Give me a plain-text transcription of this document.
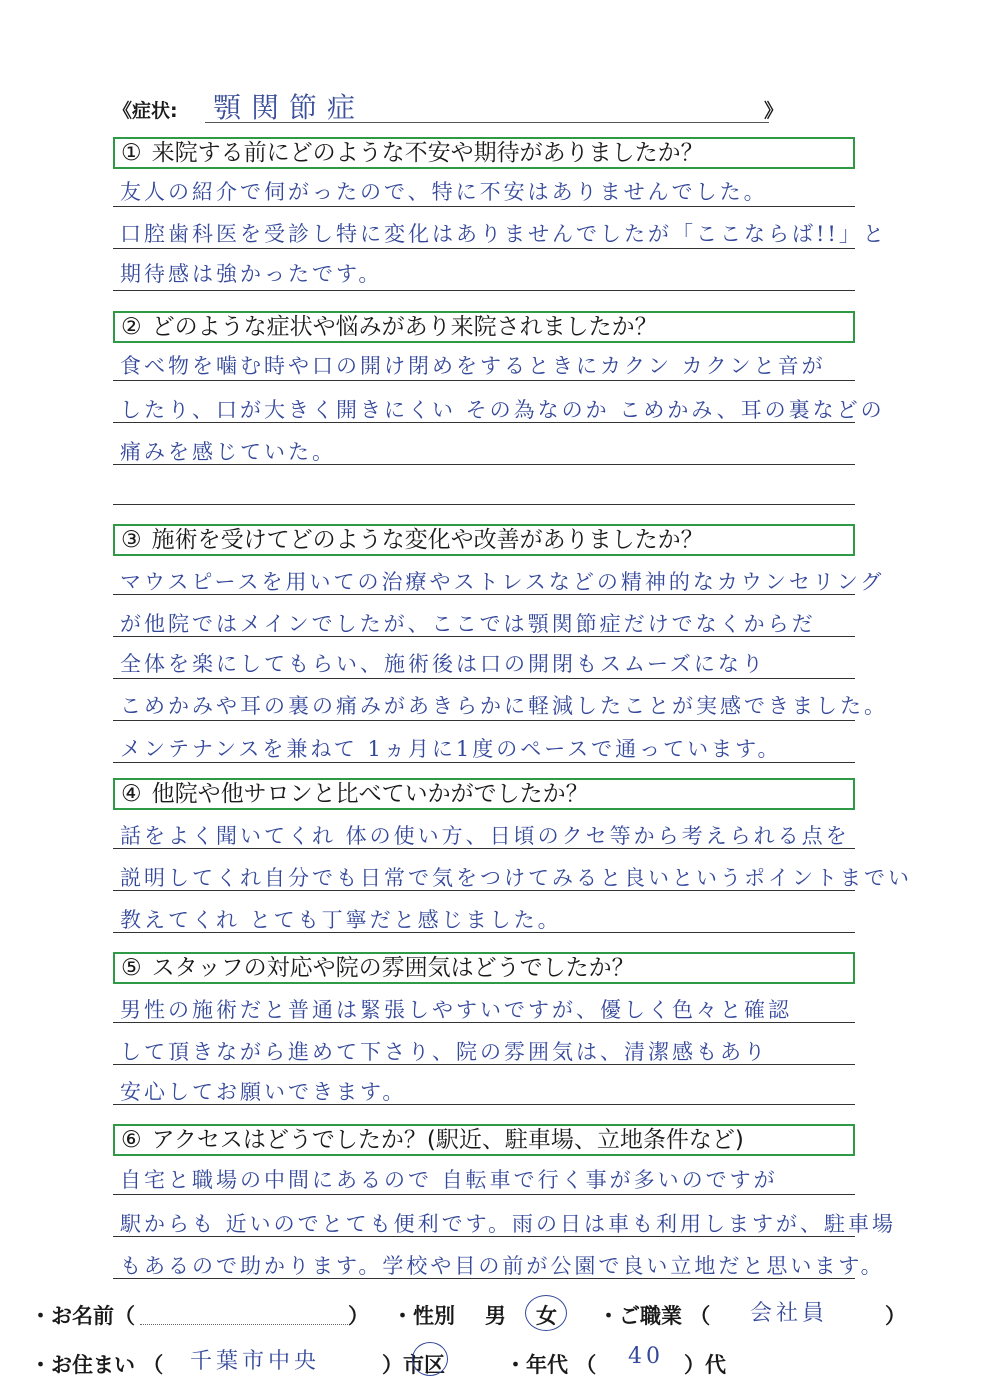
《症状: 顎関節症	》
① 来院する前にどのような不安や期待がありましたか？
友人の紹介で伺がったので、特に不安はありませんでした。
口腔歯科医を受診し特に変化はありませんでしたが「ここならば!!」と
期待感は強かったです。
② どのような症状や悩みがあり来院されましたか？
食べ物を噛む時や口の開け閉めをするときにカクン カクンと音が
したり、口が大きく開きにくい その為なのか こめかみ、耳の裏などの
痛みを感じていた。
③ 施術を受けてどのような変化や改善がありましたか？
マウスピースを用いての治療やストレスなどの精神的なカウンセリング
が他院ではメインでしたが、ここでは顎関節症だけでなくからだ
全体を楽にしてもらい、施術後は口の開閉もスムーズになり
こめかみや耳の裏の痛みがあきらかに軽減したことが実感できました。
メンテナンスを兼ねて 1ヵ月に1度のペースで通っています。
④ 他院や他サロンと比べていかがでしたか？
話をよく聞いてくれ 体の使い方、日頃のクセ等から考えられる点を
説明してくれ自分でも日常で気をつけてみると良いというポイントまでい
教えてくれ とても丁寧だと感じました。
⑤ スタッフの対応や院の雰囲気はどうでしたか？
男性の施術だと普通は緊張しやすいですが、優しく色々と確認
して頂きながら進めて下さり、院の雰囲気は、清潔感もあり
安心してお願いできます。
⑥ アクセスはどうでしたか？(駅近、駐車場、立地条件など)
自宅と職場の中間にあるので 自転車で行く事が多いのですが
駅からも 近いのでとても便利です。雨の日は車も利用しますが、駐車場
もあるので助かります。学校や目の前が公園で良い立地だと思います。
・お名前（	） ・性別 男 女 ・ご職業 （ 会社員	）
・お住まい （ 千葉市中央	）市区	・年代 （ 40 ）代
